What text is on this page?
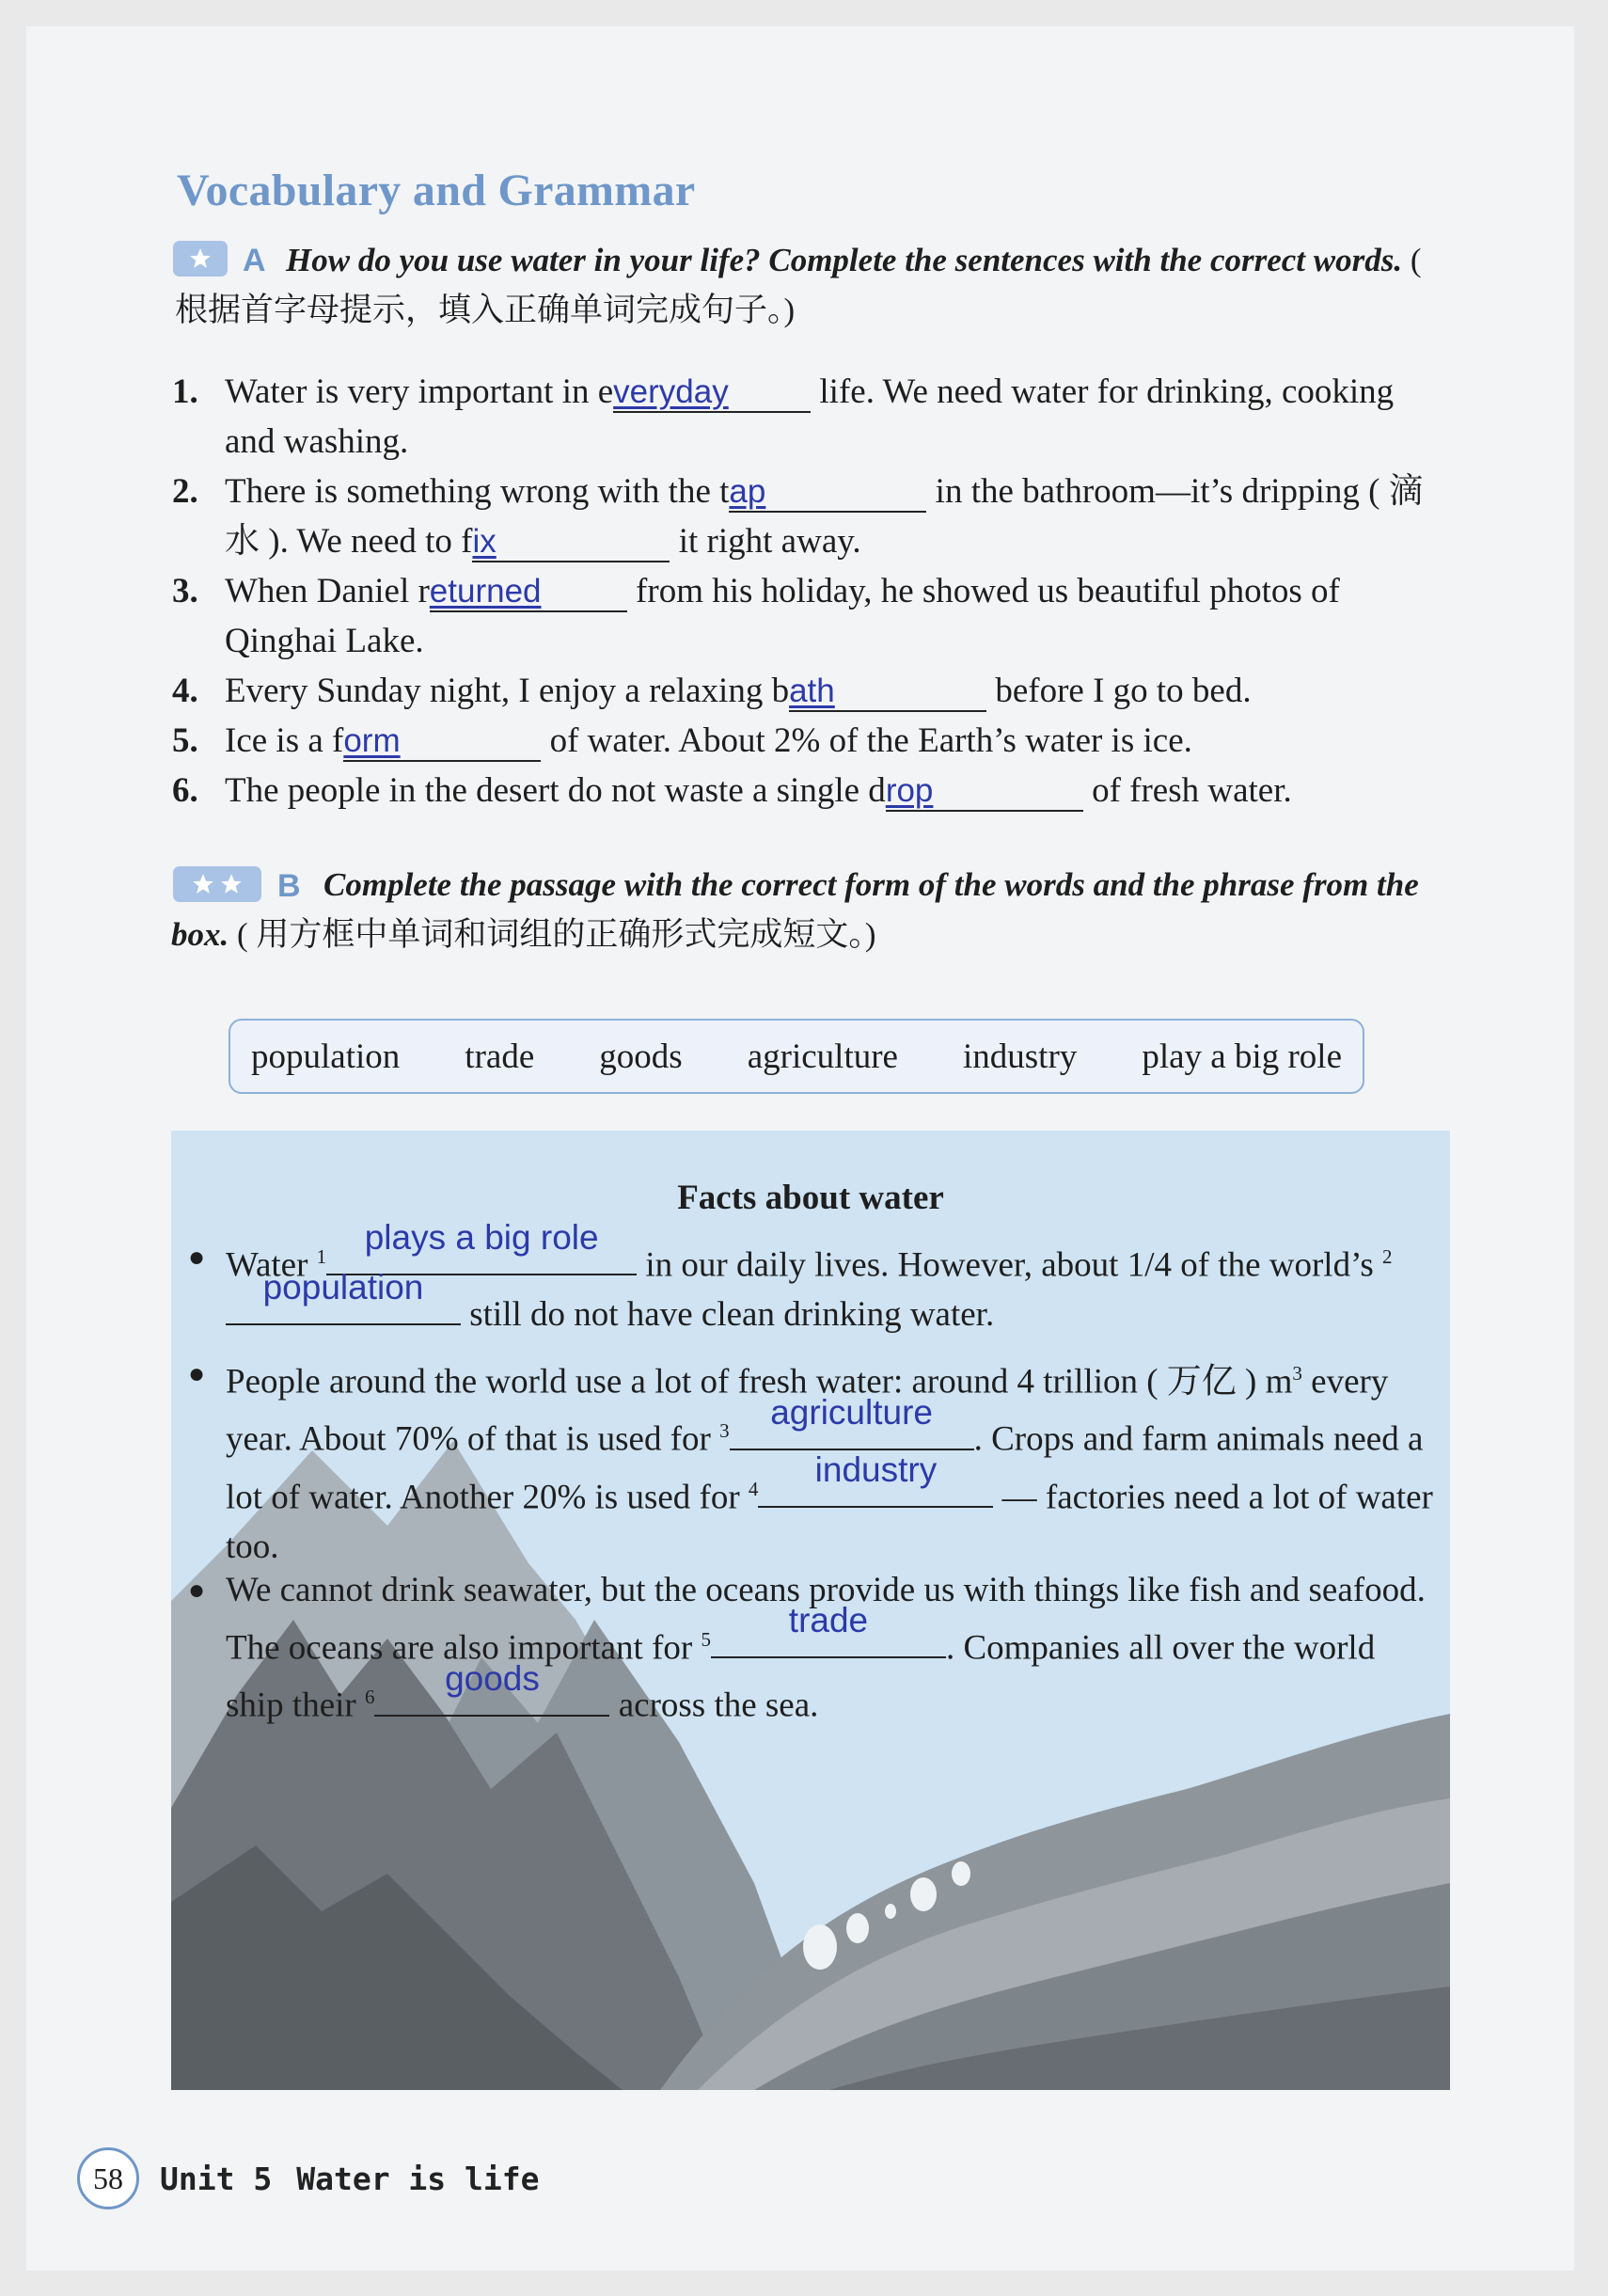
Vocabulary and Grammar
A How do you use water in your life? Complete the sentences with the correct words. ( 根据首字母提示，填入正确单词完成句子。)
1. Water is very important in everyday life. We need water for drinking, cooking and washing.
2. There is something wrong with the tap	in the bathroom—it’s dripping ( 滴水 ). We need to fix	it right away.
3. When Daniel returned from his holiday, he showed us beautiful photos of Qinghai Lake.
4. Every Sunday night, I enjoy a relaxing bath	before I go to bed.
5. Ice is a form	of water. About 2% of the Earth’s water is ice.
6. The people in the desert do not waste a single drop	of fresh water.
B Complete the passage with the correct form of the words and the phrase from the box. ( 用方框中单词和词组的正确形式完成短文。)
population trade goods agriculture industry play a big role
Facts about water
● Water $^1$	plays a big role
in our daily lives. However, about 1/4 of the world’s $^2$
population
still do not have clean drinking water.
● People around the world use a lot of fresh water: around 4 trillion ( 万亿 ) $m^3$ every year. About 70% of that is used for $^3$	agriculture
. Crops and farm animals need a lot of water. Another 20% is used for $^4$	industry
— factories need a lot of water too.
● We cannot drink seawater, but the oceans provide us with things like fish and seafood. The oceans are also important for $^5$	trade
. Companies all over the world ship their $^6$	goods
across the sea.
58	Unit 5 Water is life
